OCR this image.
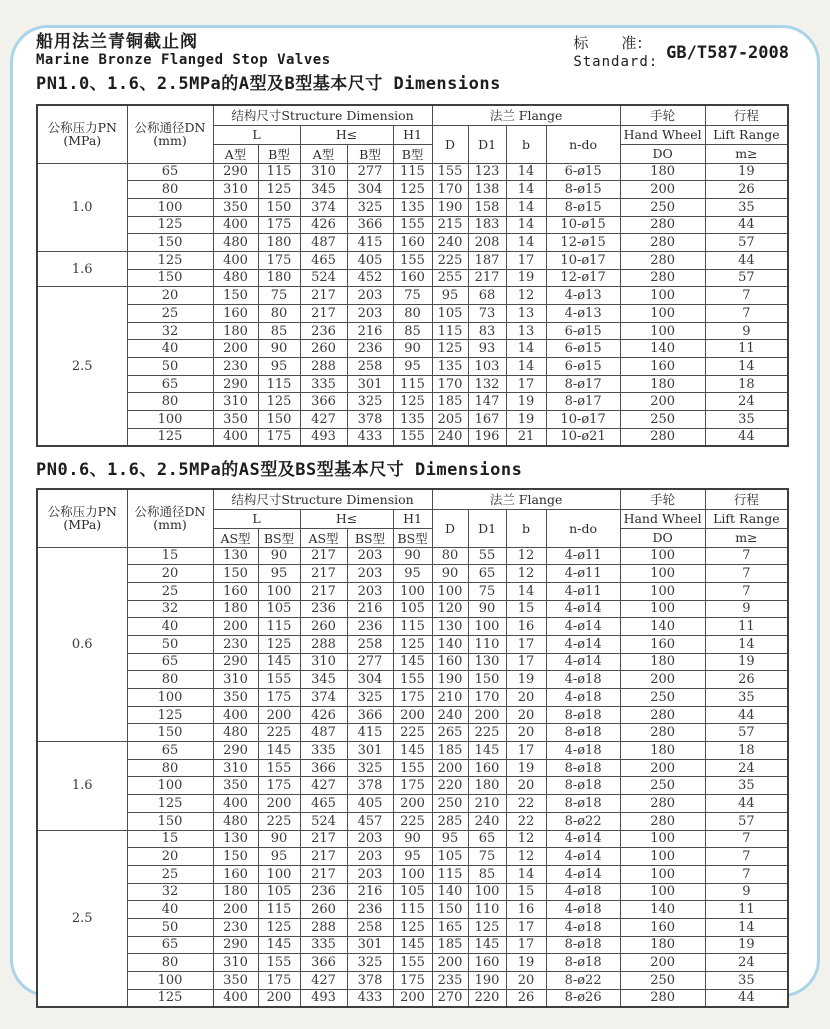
船用法兰青铜截止阀
Marine Bronze Flanged Stop Valves
标　　准:
Standard: GB/T587-2008
PN1.0、1.6、2.5MPa的A型及B型基本尺寸 Dimensions
公称压力PN
(MPa)	公称通径DN
(mm)	结构尺寸Structure Dimension					法兰 Flange				手轮	行程
		L		H≤		H1	D	D1	b	n-do	Hand Wheel	Lift Range
		A型	B型	A型	B型	B型					DO	m≥
1.0	65	290	115	310	277	115	155	123	14	6-ø15	180	19
	80	310	125	345	304	125	170	138	14	8-ø15	200	26
	100	350	150	374	325	135	190	158	14	8-ø15	250	35
	125	400	175	426	366	155	215	183	14	10-ø15	280	44
	150	480	180	487	415	160	240	208	14	12-ø15	280	57
1.6	125	400	175	465	405	155	225	187	17	10-ø17	280	44
	150	480	180	524	452	160	255	217	19	12-ø17	280	57
2.5	20	150	75	217	203	75	95	68	12	4-ø13	100	7
	25	160	80	217	203	80	105	73	13	4-ø13	100	7
	32	180	85	236	216	85	115	83	13	6-ø15	100	9
	40	200	90	260	236	90	125	93	14	6-ø15	140	11
	50	230	95	288	258	95	135	103	14	6-ø15	160	14
	65	290	115	335	301	115	170	132	17	8-ø17	180	18
	80	310	125	366	325	125	185	147	19	8-ø17	200	24
	100	350	150	427	378	135	205	167	19	10-ø17	250	35
	125	400	175	493	433	155	240	196	21	10-ø21	280	44
PN0.6、1.6、2.5MPa的AS型及BS型基本尺寸 Dimensions
公称压力PN
(MPa)	公称通径DN
(mm)	结构尺寸Structure Dimension					法兰 Flange				手轮	行程
		L		H≤		H1	D	D1	b	n-do	Hand Wheel	Lift Range
		AS型	BS型	AS型	BS型	BS型					DO	m≥
0.6	15	130	90	217	203	90	80	55	12	4-ø11	100	7
	20	150	95	217	203	95	90	65	12	4-ø11	100	7
	25	160	100	217	203	100	100	75	14	4-ø11	100	7
	32	180	105	236	216	105	120	90	15	4-ø14	100	9
	40	200	115	260	236	115	130	100	16	4-ø14	140	11
	50	230	125	288	258	125	140	110	17	4-ø14	160	14
	65	290	145	310	277	145	160	130	17	4-ø14	180	19
	80	310	155	345	304	155	190	150	19	4-ø18	200	26
	100	350	175	374	325	175	210	170	20	4-ø18	250	35
	125	400	200	426	366	200	240	200	20	8-ø18	280	44
	150	480	225	487	415	225	265	225	20	8-ø18	280	57
1.6	65	290	145	335	301	145	185	145	17	4-ø18	180	18
	80	310	155	366	325	155	200	160	19	8-ø18	200	24
	100	350	175	427	378	175	220	180	20	8-ø18	250	35
	125	400	200	465	405	200	250	210	22	8-ø18	280	44
	150	480	225	524	457	225	285	240	22	8-ø22	280	57
2.5	15	130	90	217	203	90	95	65	12	4-ø14	100	7
	20	150	95	217	203	95	105	75	12	4-ø14	100	7
	25	160	100	217	203	100	115	85	14	4-ø14	100	7
	32	180	105	236	216	105	140	100	15	4-ø18	100	9
	40	200	115	260	236	115	150	110	16	4-ø18	140	11
	50	230	125	288	258	125	165	125	17	4-ø18	160	14
	65	290	145	335	301	145	185	145	17	8-ø18	180	19
	80	310	155	366	325	155	200	160	19	8-ø18	200	24
	100	350	175	427	378	175	235	190	20	8-ø22	250	35
	125	400	200	493	433	200	270	220	26	8-ø26	280	44
